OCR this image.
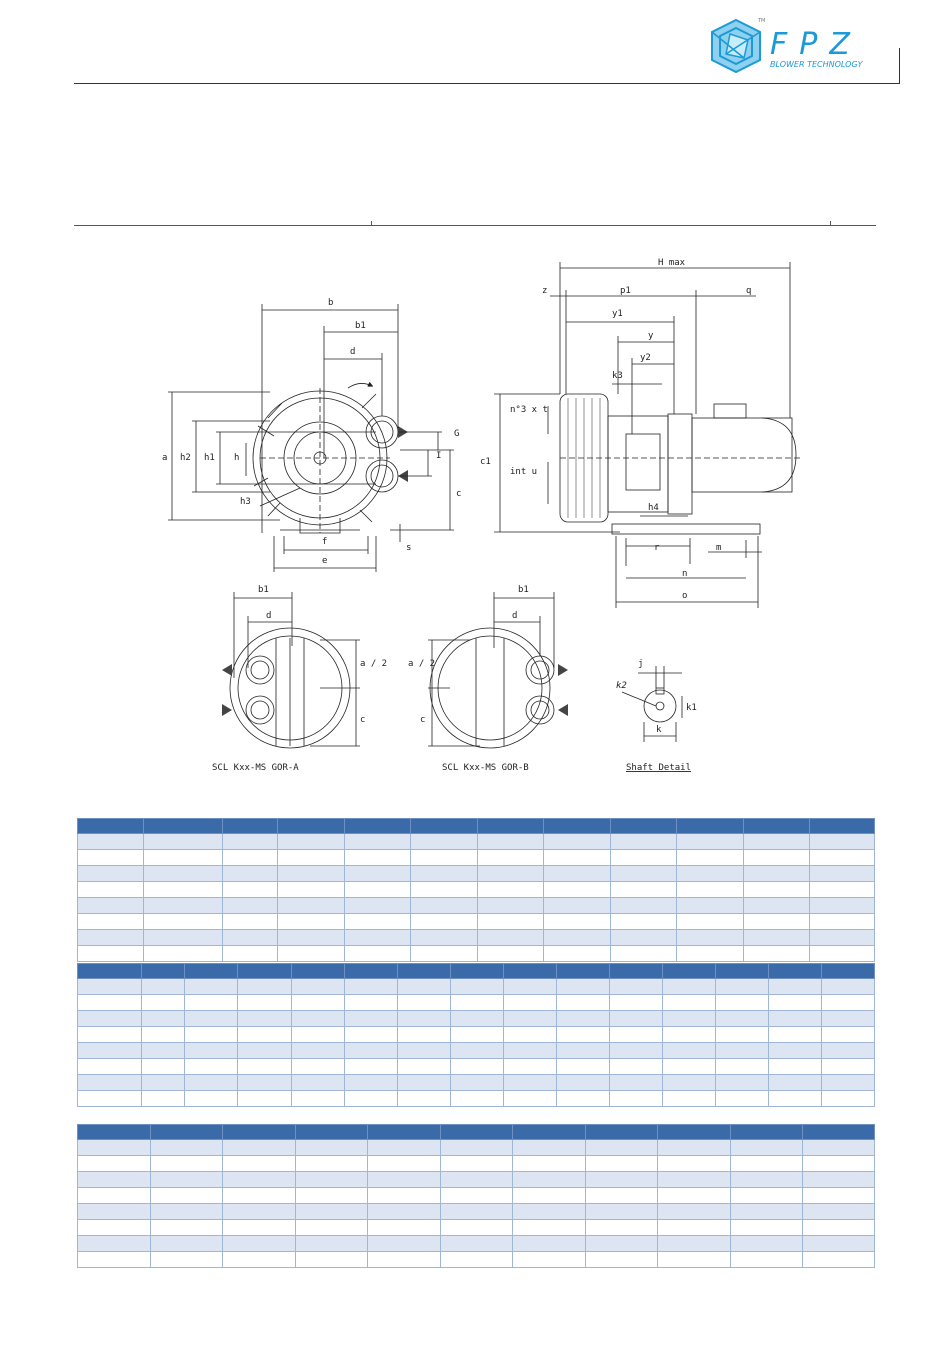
TM
FPZ
BLOWER TECHNOLOGY
b
b1
d
a h2 h1 h
h3
G
I
c
f
e
s
H max
z	p1	q
y1
y
y2
k3
n°3 x t
int u
c1
h4
r	m
n
o
b1
d
a / 2
c
b1
d
a / 2
c
j
k2
k1
k
SCL Kxx-MS GOR-A	SCL Kxx-MS GOR-B	Shaft Detail
